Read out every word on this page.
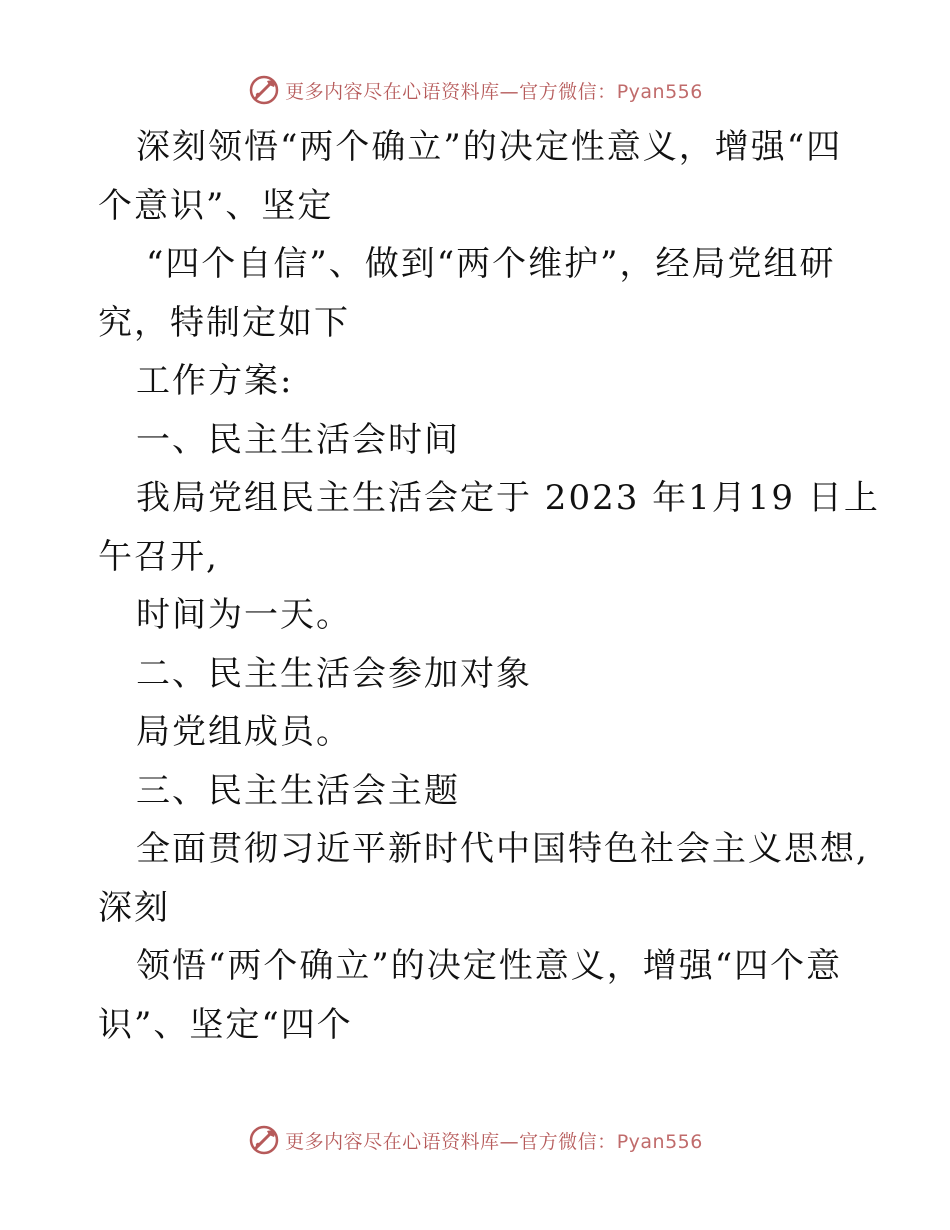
更多内容尽在心语资料库—官方微信：Pyan556
深刻领悟“两个确立”的决定性意义，增强“四
个意识”、坚定
“四个自信”、做到“两个维护”，经局党组研
究，特制定如下
工作方案:
一、民主生活会时间
我局党组民主生活会定于 2023 年1月19 日上
午召开,
时间为一天。
二、民主生活会参加对象
局党组成员。
三、民主生活会主题
全面贯彻习近平新时代中国特色社会主义思想,
深刻
领悟“两个确立”的决定性意义，增强“四个意
识”、坚定“四个
更多内容尽在心语资料库—官方微信：Pyan556
